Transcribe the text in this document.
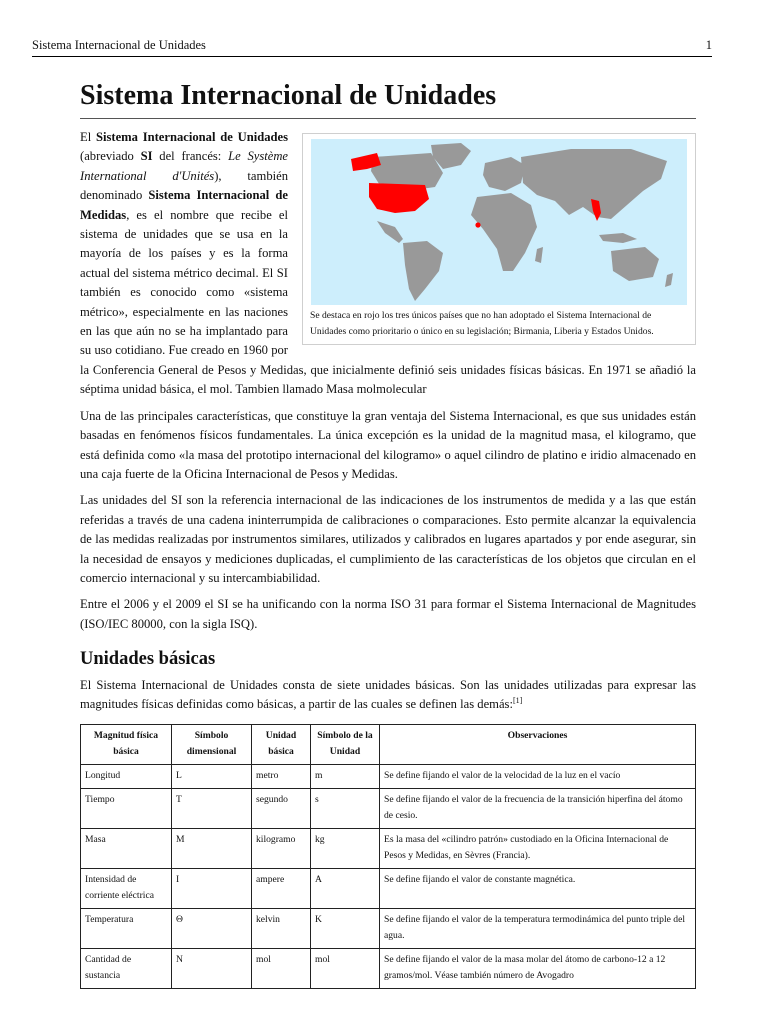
Sistema Internacional de Unidades	1
Sistema Internacional de Unidades
Se destaca en rojo los tres únicos países que no han adoptado el Sistema Internacional de Unidades como prioritario o único en su legislación; Birmania, Liberia y Estados Unidos.

El Sistema Internacional de Unidades (abreviado SI del francés: Le Système International d'Unités), también denominado Sistema Internacional de Medidas, es el nombre que recibe el sistema de unidades que se usa en la mayoría de los países y es la forma actual del sistema métrico decimal. El SI también es conocido como «sistema métrico», especialmente en las naciones en las que aún no se ha implantado para su uso cotidiano. Fue creado en 1960 por la Conferencia General de Pesos y Medidas, que inicialmente definió seis unidades físicas básicas. En 1971 se añadió la séptima unidad básica, el mol. Tambien llamado Masa molmolecular

Una de las principales características, que constituye la gran ventaja del Sistema Internacional, es que sus unidades están basadas en fenómenos físicos fundamentales. La única excepción es la unidad de la magnitud masa, el kilogramo, que está definida como «la masa del prototipo internacional del kilogramo» o aquel cilindro de platino e iridio almacenado en una caja fuerte de la Oficina Internacional de Pesos y Medidas.

Las unidades del SI son la referencia internacional de las indicaciones de los instrumentos de medida y a las que están referidas a través de una cadena ininterrumpida de calibraciones o comparaciones. Esto permite alcanzar la equivalencia de las medidas realizadas por instrumentos similares, utilizados y calibrados en lugares apartados y por ende asegurar, sin la necesidad de ensayos y mediciones duplicadas, el cumplimiento de las características de los objetos que circulan en el comercio internacional y su intercambiabilidad.

Entre el 2006 y el 2009 el SI se ha unificando con la norma ISO 31 para formar el Sistema Internacional de Magnitudes (ISO/IEC 80000, con la sigla ISQ).

Unidades básicas

El Sistema Internacional de Unidades consta de siete unidades básicas. Son las unidades utilizadas para expresar las magnitudes físicas definidas como básicas, a partir de las cuales se definen las demás:[1]

Magnitud física básica	Símbolo dimensional	Unidad básica	Símbolo de la Unidad	Observaciones
Longitud	L	metro	m	Se define fijando el valor de la velocidad de la luz en el vacío
Tiempo	T	segundo	s	Se define fijando el valor de la frecuencia de la transición hiperfina del átomo de cesio.
Masa	M	kilogramo	kg	Es la masa del «cilindro patrón» custodiado en la Oficina Internacional de Pesos y Medidas, en Sèvres (Francia).
Intensidad de corriente eléctrica	I	ampere	A	Se define fijando el valor de constante magnética.
Temperatura	Θ	kelvin	K	Se define fijando el valor de la temperatura termodinámica del punto triple del agua.
Cantidad de sustancia	N	mol	mol	Se define fijando el valor de la masa molar del átomo de carbono-12 a 12 gramos/mol. Véase también número de Avogadro
